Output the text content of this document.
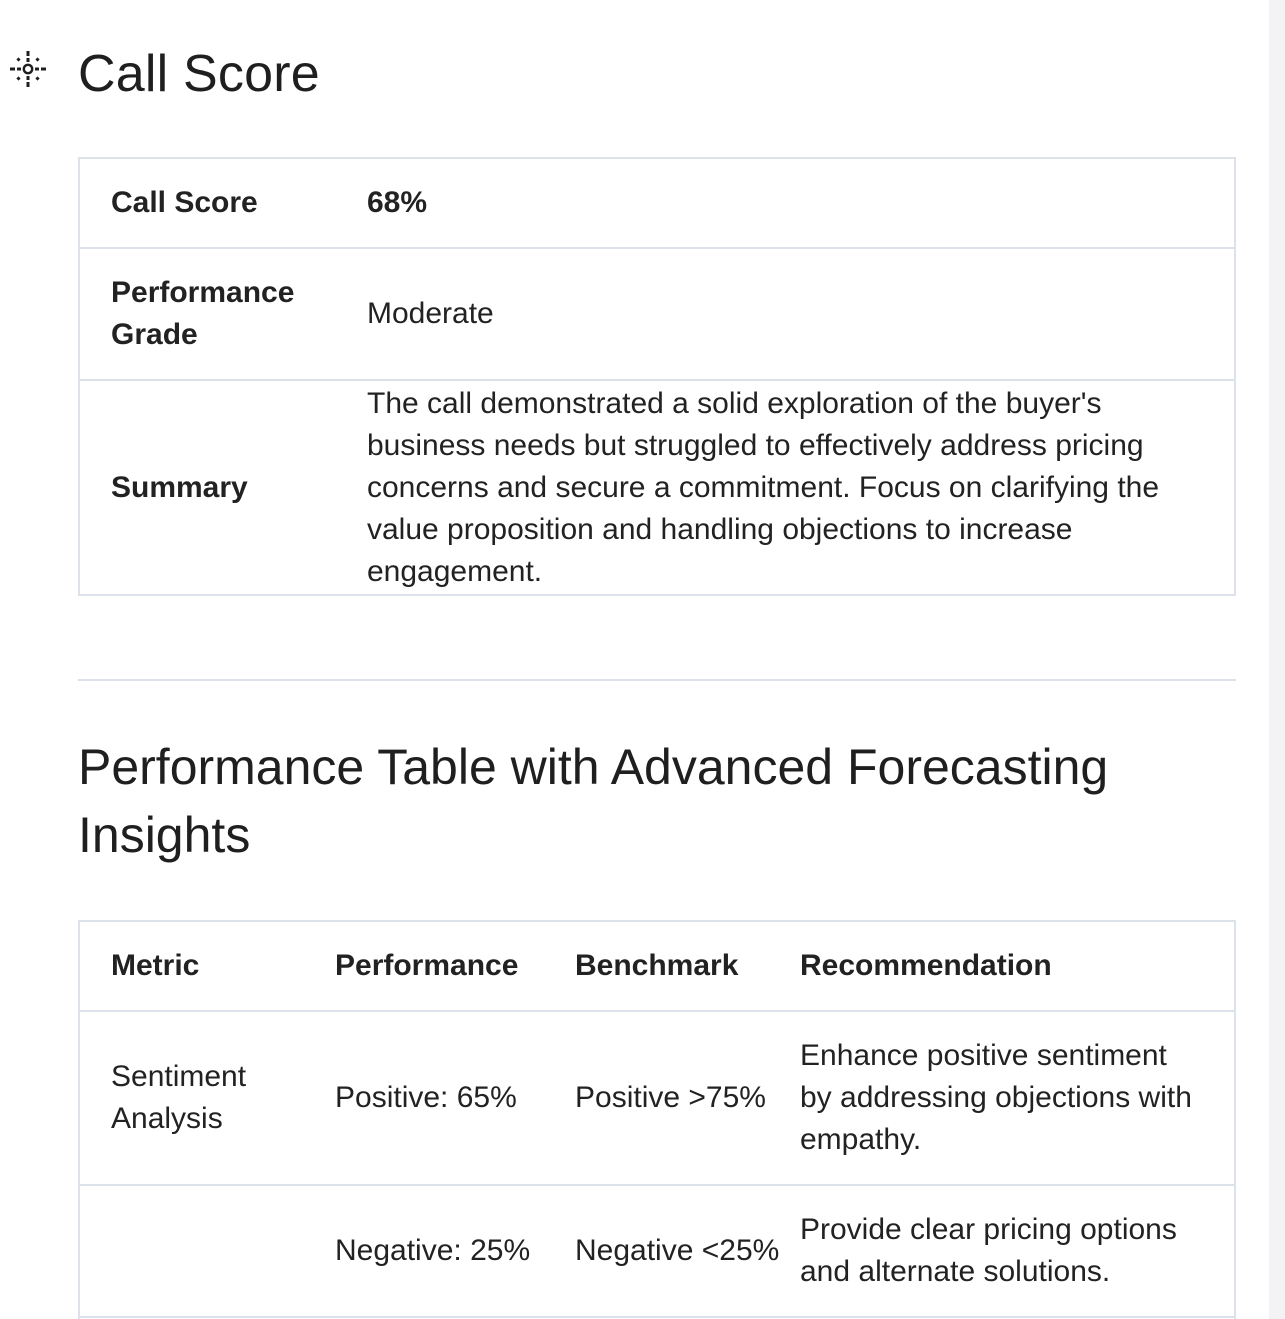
Call Score
Call Score	68%
Performance Grade	Moderate
Summary	The call demonstrated a solid exploration of the buyer's business needs but struggled to effectively address pricing concerns and secure a commitment. Focus on clarifying the value proposition and handling objections to increase engagement.
Performance Table with Advanced Forecasting Insights
Metric	Performance	Benchmark	Recommendation
Sentiment Analysis	Positive: 65%	Positive >75%	Enhance positive sentiment by addressing objections with empathy.
	Negative: 25%	Negative <25%	Provide clear pricing options and alternate solutions.
